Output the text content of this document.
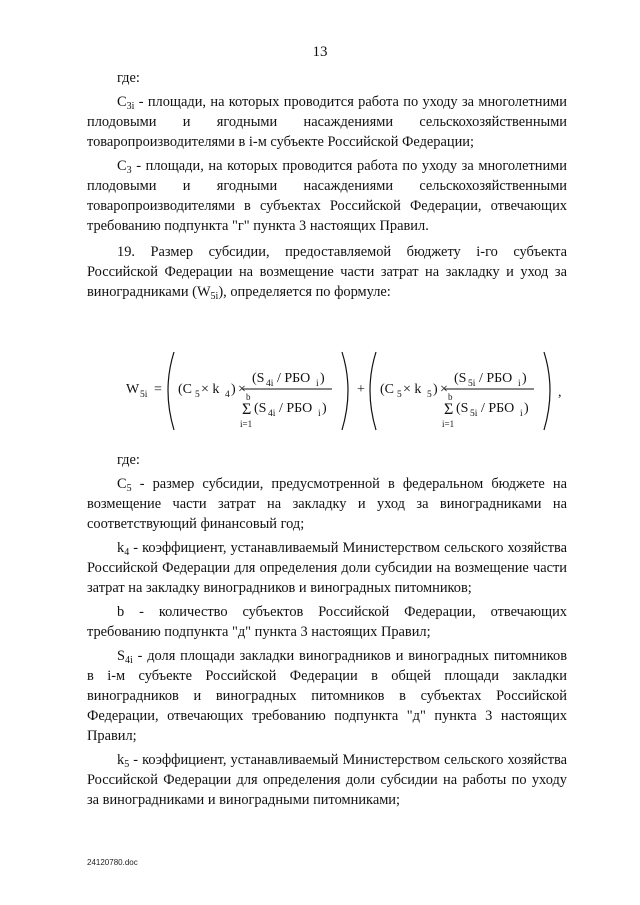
13

где:

$C_{3i}$ - площади, на которых проводится работа по уходу за многолетними плодовыми и ягодными насаждениями сельскохозяйственными товаропроизводителями в i-м субъекте Российской Федерации;

$C_3$ - площади, на которых проводится работа по уходу за многолетними плодовыми и ягодными насаждениями сельскохозяйственными товаропроизводителями в субъектах Российской Федерации, отвечающих требованию подпункта "г" пункта 3 настоящих Правил.

19. Размер субсидии, предоставляемой бюджету i-го субъекта Российской Федерации на возмещение части затрат на закладку и уход за виноградниками $(W_{5i})$, определяется по формуле:

W 5i = (C 5 × k 4 ) ×
(S 4i / РБО i )
b
Σ
i=1
(S 4i / РБО i )
+ (C 5 × k 5 ) ×
(S 5i / РБО i )
b
Σ
i=1
(S 5i / РБО i )
,

где:

$C_5$ - размер субсидии, предусмотренной в федеральном бюджете на возмещение части затрат на закладку и уход за виноградниками на соответствующий финансовый год;

$k_4$ - коэффициент, устанавливаемый Министерством сельского хозяйства Российской Федерации для определения доли субсидии на возмещение части затрат на закладку виноградников и виноградных питомников;

b - количество субъектов Российской Федерации, отвечающих требованию подпункта "д" пункта 3 настоящих Правил;

$S_{4i}$ - доля площади закладки виноградников и виноградных питомников в i-м субъекте Российской Федерации в общей площади закладки виноградников и виноградных питомников в субъектах Российской Федерации, отвечающих требованию подпункта "д" пункта 3 настоящих Правил;

$k_5$ - коэффициент, устанавливаемый Министерством сельского хозяйства Российской Федерации для определения доли субсидии на работы по уходу за виноградниками и виноградными питомниками;

24120780.doc
